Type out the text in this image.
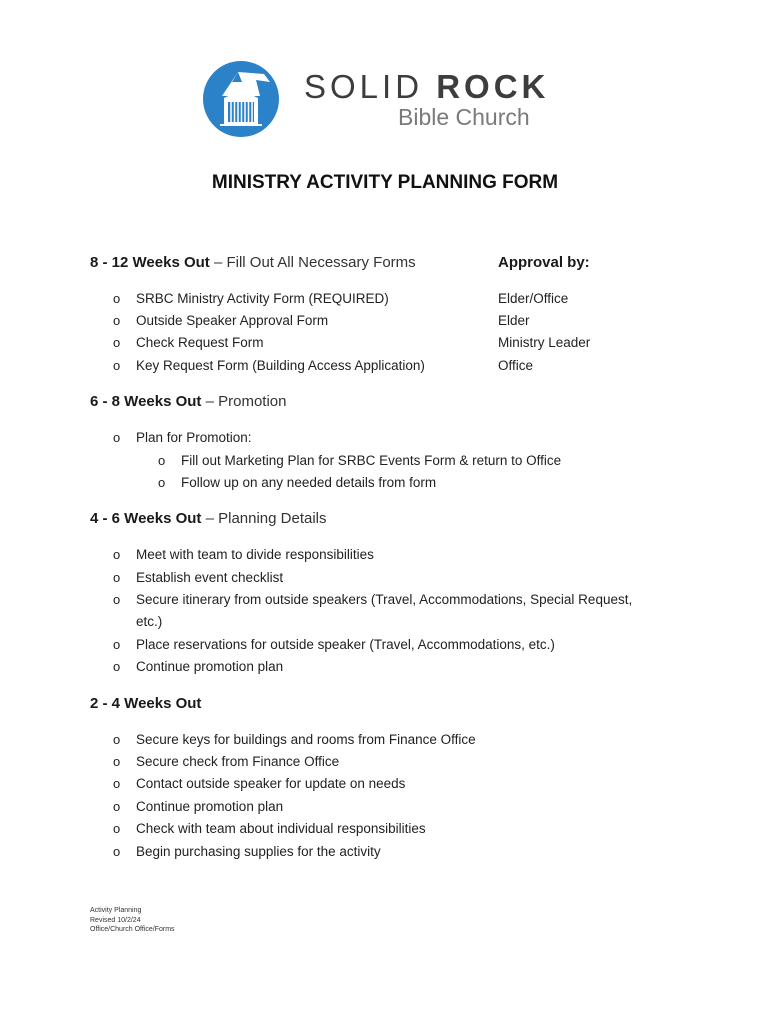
SOLID ROCK
Bible Church
MINISTRY ACTIVITY PLANNING FORM
8 - 12 Weeks Out – Fill Out All Necessary Forms	Approval by:
o SRBC Ministry Activity Form (REQUIRED)	Elder/Office
o Outside Speaker Approval Form	Elder
o Check Request Form	Ministry Leader
o Key Request Form (Building Access Application)	Office
6 - 8 Weeks Out – Promotion
o Plan for Promotion:
o Fill out Marketing Plan for SRBC Events Form & return to Office
o Follow up on any needed details from form
4 - 6 Weeks Out – Planning Details
o Meet with team to divide responsibilities
o Establish event checklist
o Secure itinerary from outside speakers (Travel, Accommodations, Special Request,
etc.)
o Place reservations for outside speaker (Travel, Accommodations, etc.)
o Continue promotion plan
2 - 4 Weeks Out
o Secure keys for buildings and rooms from Finance Office
o Secure check from Finance Office
o Contact outside speaker for update on needs
o Continue promotion plan
o Check with team about individual responsibilities
o Begin purchasing supplies for the activity
Activity Planning
Revised 10/2/24
Office/Church Office/Forms
